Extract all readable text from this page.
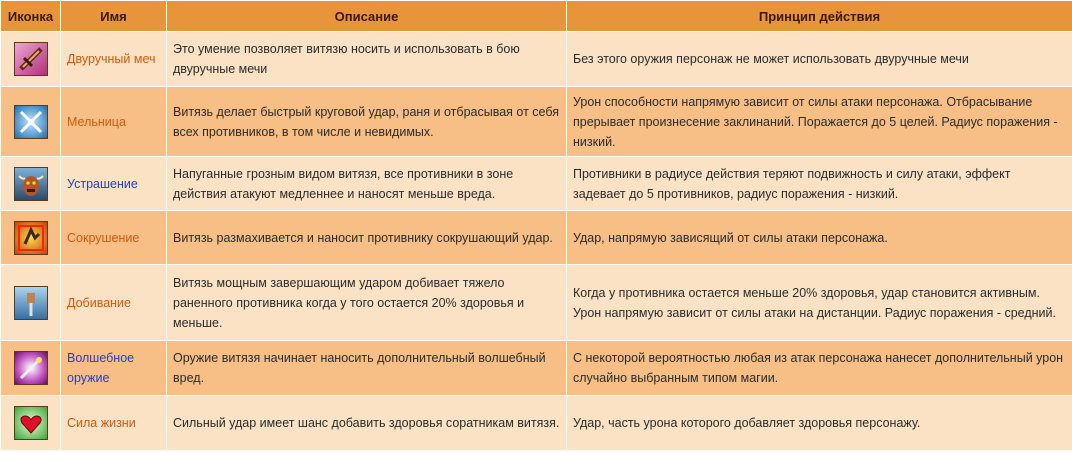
Иконка	Имя	Описание	Принцип действия

	Двуручный меч	Это умение позволяет витязю носить и использовать в бою двуручные мечи	Без этого оружия персонаж не может использовать двуручные мечи

	Мельница	Витязь делает быстрый круговой удар, раня и отбрасывая от себя всех противников, в том числе и невидимых.	Урон способности напрямую зависит от силы атаки персонажа. Отбрасывание прерывает произнесение заклинаний. Поражается до 5 целей. Радиус поражения - низкий.

	Устрашение	Напуганные грозным видом витязя, все противники в зоне действия атакуют медленнее и наносят меньше вреда.	Противники в радиусе действия теряют подвижность и силу атаки, эффект задевает до 5 противников, радиус поражения - низкий.

	Сокрушение	Витязь размахивается и наносит противнику сокрушающий удар.	Удар, напрямую зависящий от силы атаки персонажа.

	Добивание	Витязь мощным завершающим ударом добивает тяжело раненного противника когда у того остается 20% здоровья и меньше.	Когда у противника остается меньше 20% здоровья, удар становится активным. Урон напрямую зависит от силы атаки на дистанции. Радиус поражения - средний.

	Волшебное оружие	Оружие витязя начинает наносить дополнительный волшебный вред.	С некоторой вероятностью любая из атак персонажа нанесет дополнительный урон случайно выбранным типом магии.

	Сила жизни	Сильный удар имеет шанс добавить здоровья соратникам витязя.	Удар, часть урона которого добавляет здоровья персонажу.
